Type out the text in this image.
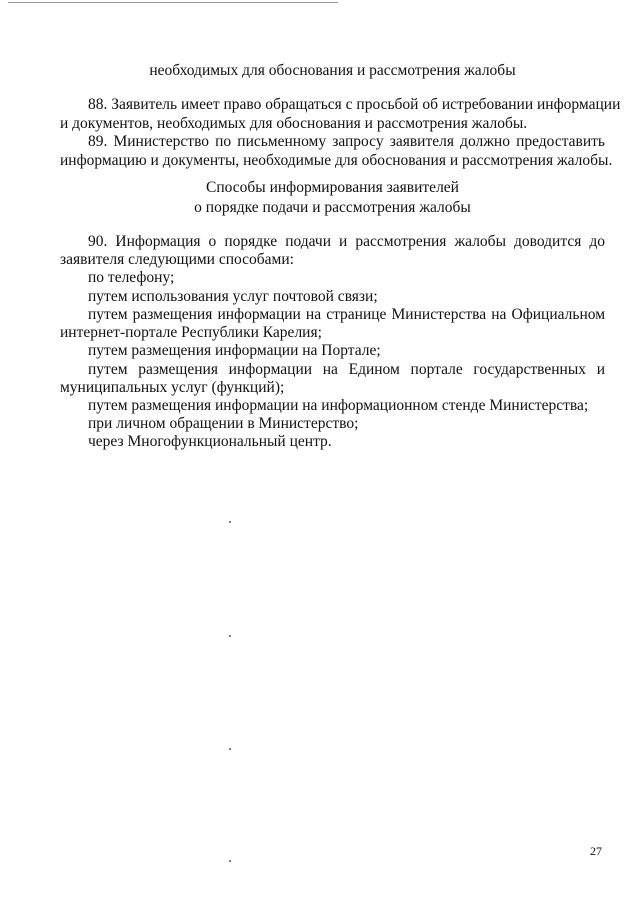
необходимых для обоснования и рассмотрения жалобы
88. Заявитель имеет право обращаться с просьбой об истребовании информации
и документов, необходимых для обоснования и рассмотрения жалобы.
89. Министерство по письменному запросу заявителя должно предоставить
информацию и документы, необходимые для обоснования и рассмотрения жалобы.
Способы информирования заявителей
о порядке подачи и рассмотрения жалобы
90. Информация о порядке подачи и рассмотрения жалобы доводится до
заявителя следующими способами:
по телефону;
путем использования услуг почтовой связи;
путем размещения информации на странице Министерства на Официальном
интернет-портале Республики Карелия;
путем размещения информации на Портале;
путем размещения информации на Едином портале государственных и
муниципальных услуг (функций);
путем размещения информации на информационном стенде Министерства;
при личном обращении в Министерство;
через Многофункциональный центр.
27
